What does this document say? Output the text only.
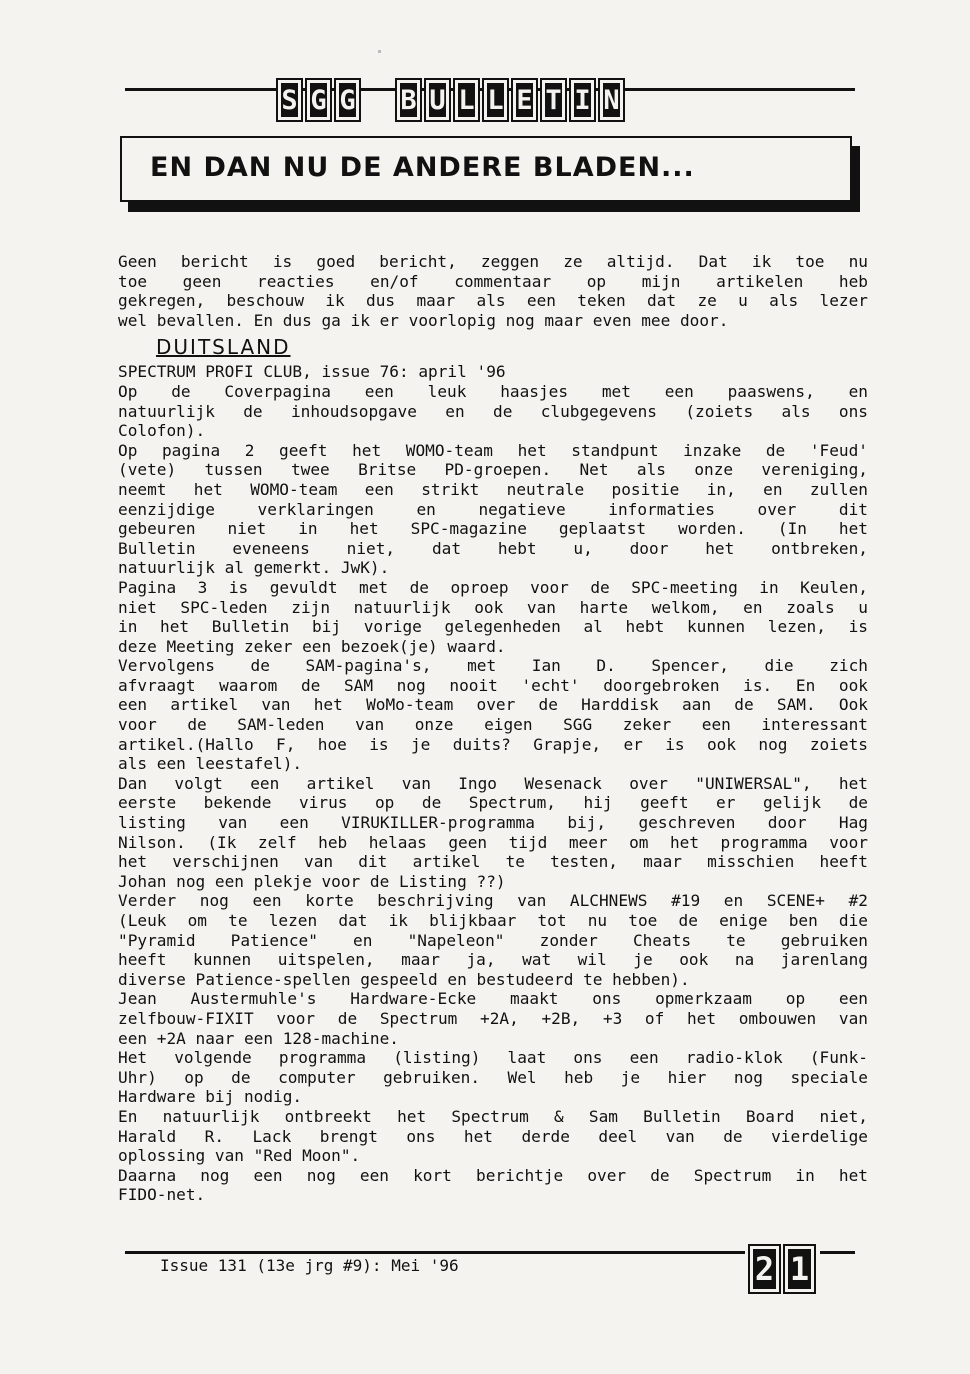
S G G B U L L E T I N
EN DAN NU DE ANDERE BLADEN...
Geen bericht is goed bericht, zeggen ze altijd. Dat ik toe nu
toe geen reacties en/of commentaar op mijn artikelen heb
gekregen, beschouw ik dus maar als een teken dat ze u als lezer
wel bevallen. En dus ga ik er voorlopig nog maar even mee door.
DUITSLAND
SPECTRUM PROFI CLUB, issue 76: april '96
Op de Coverpagina een leuk haasjes met een paaswens, en
natuurlijk de inhoudsopgave en de clubgegevens (zoiets als ons
Colofon).
Op pagina 2 geeft het WOMO-team het standpunt inzake de 'Feud'
(vete) tussen twee Britse PD-groepen. Net als onze vereniging,
neemt het WOMO-team een strikt neutrale positie in, en zullen
eenzijdige verklaringen en negatieve informaties over dit
gebeuren niet in het SPC-magazine geplaatst worden. (In het
Bulletin eveneens niet, dat hebt u, door het ontbreken,
natuurlijk al gemerkt. JwK).
Pagina 3 is gevuldt met de oproep voor de SPC-meeting in Keulen,
niet SPC-leden zijn natuurlijk ook van harte welkom, en zoals u
in het Bulletin bij vorige gelegenheden al hebt kunnen lezen, is
deze Meeting zeker een bezoek(je) waard.
Vervolgens de SAM-pagina's, met Ian D. Spencer, die zich
afvraagt waarom de SAM nog nooit 'echt' doorgebroken is. En ook
een artikel van het WoMo-team over de Harddisk aan de SAM. Ook
voor de SAM-leden van onze eigen SGG zeker een interessant
artikel.(Hallo F, hoe is je duits? Grapje, er is ook nog zoiets
als een leestafel).
Dan volgt een artikel van Ingo Wesenack over "UNIWERSAL", het
eerste bekende virus op de Spectrum, hij geeft er gelijk de
listing van een VIRUKILLER-programma bij, geschreven door Hag
Nilson. (Ik zelf heb helaas geen tijd meer om het programma voor
het verschijnen van dit artikel te testen, maar misschien heeft
Johan nog een plekje voor de Listing ??)
Verder nog een korte beschrijving van ALCHNEWS #19 en SCENE+ #2
(Leuk om te lezen dat ik blijkbaar tot nu toe de enige ben die
"Pyramid Patience" en "Napeleon" zonder Cheats te gebruiken
heeft kunnen uitspelen, maar ja, wat wil je ook na jarenlang
diverse Patience-spellen gespeeld en bestudeerd te hebben).
Jean Austermuhle's Hardware-Ecke maakt ons opmerkzaam op een
zelfbouw-FIXIT voor de Spectrum +2A, +2B, +3 of het ombouwen van
een +2A naar een 128-machine.
Het volgende programma (listing) laat ons een radio-klok (Funk-
Uhr) op de computer gebruiken. Wel heb je hier nog speciale
Hardware bij nodig.
En natuurlijk ontbreekt het Spectrum & Sam Bulletin Board niet,
Harald R. Lack brengt ons het derde deel van de vierdelige
oplossing van "Red Moon".
Daarna nog een nog een kort berichtje over de Spectrum in het
FIDO-net.
Issue 131 (13e jrg #9): Mei '96	2 1
